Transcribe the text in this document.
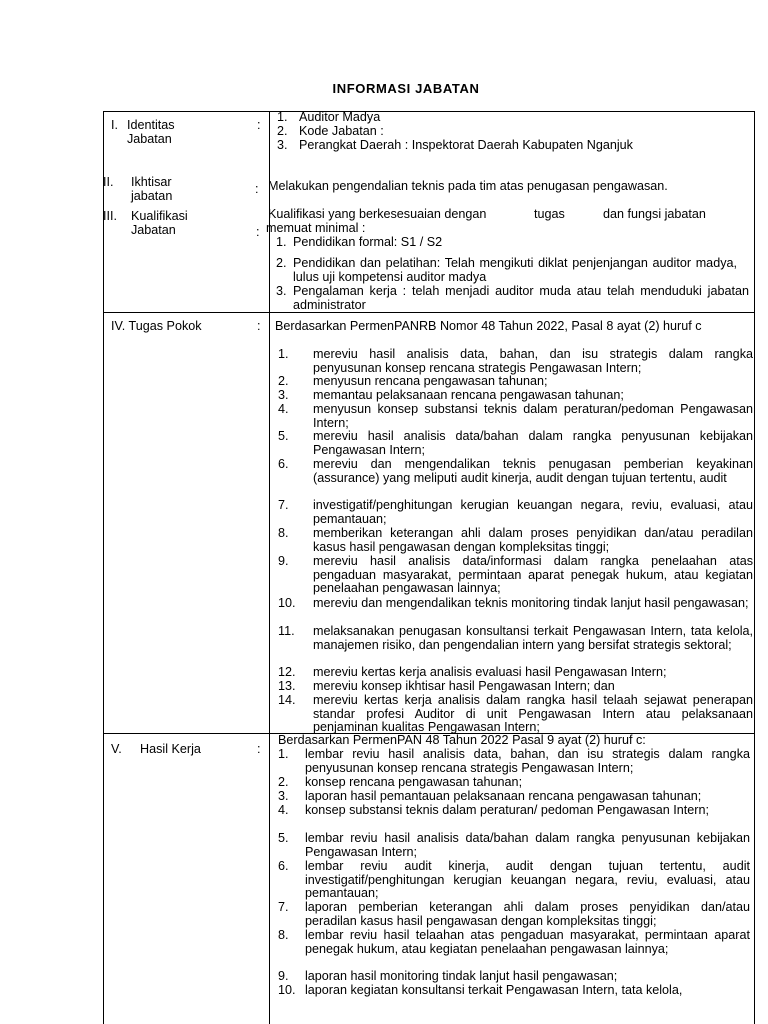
INFORMASI JABATAN
I. Identitas
Jabatan
:
1. Auditor Madya
2. Kode Jabatan :
3. Perangkat Daerah : Inspektorat Daerah Kabupaten Nganjuk
II. Ikhtisar
jabatan	: Melakukan pengendalian teknis pada tim atas penugasan pengawasan.
III. Kualifikasi
Jabatan	:
Kualifikasi yang berkesesuaian dengan	tugas	dan fungsi jabatan
memuat minimal :
1. Pendidikan formal: S1 / S2
2. Pendidikan dan pelatihan: Telah mengikuti diklat penjenjangan auditor madya, lulus uji kompetensi auditor madya
3. Pengalaman kerja : telah menjadi auditor muda atau telah menduduki jabatan administrator
IV. Tugas Pokok	: Berdasarkan PermenPANRB Nomor 48 Tahun 2022, Pasal 8 ayat (2) huruf c
1. mereviu hasil analisis data, bahan, dan isu strategis dalam rangka penyusunan konsep rencana strategis Pengawasan Intern;
2. menyusun rencana pengawasan tahunan;
3. memantau pelaksanaan rencana pengawasan tahunan;
4. menyusun konsep substansi teknis dalam peraturan/pedoman Pengawasan Intern;
5. mereviu hasil analisis data/bahan dalam rangka penyusunan kebijakan Pengawasan Intern;
6. mereviu dan mengendalikan teknis penugasan pemberian keyakinan (assurance) yang meliputi audit kinerja, audit dengan tujuan tertentu, audit
7. investigatif/penghitungan kerugian keuangan negara, reviu, evaluasi, atau pemantauan;
8. memberikan keterangan ahli dalam proses penyidikan dan/atau peradilan kasus hasil pengawasan dengan kompleksitas tinggi;
9. mereviu hasil analisis data/informasi dalam rangka penelaahan atas pengaduan masyarakat, permintaan aparat penegak hukum, atau kegiatan penelaahan pengawasan lainnya;
10. mereviu dan mengendalikan teknis monitoring tindak lanjut hasil pengawasan;
11. melaksanakan penugasan konsultansi terkait Pengawasan Intern, tata kelola, manajemen risiko, dan pengendalian intern yang bersifat strategis sektoral;
12. mereviu kertas kerja analisis evaluasi hasil Pengawasan Intern;
13. mereviu konsep ikhtisar hasil Pengawasan Intern; dan
14. mereviu kertas kerja analisis dalam rangka hasil telaah sejawat penerapan standar profesi Auditor di unit Pengawasan Intern atau pelaksanaan penjaminan kualitas Pengawasan Intern;
V. Hasil Kerja	:
Berdasarkan PermenPAN 48 Tahun 2022 Pasal 9 ayat (2) huruf c:
1. lembar reviu hasil analisis data, bahan, dan isu strategis dalam rangka penyusunan konsep rencana strategis Pengawasan Intern;
2. konsep rencana pengawasan tahunan;
3. laporan hasil pemantauan pelaksanaan rencana pengawasan tahunan;
4. konsep substansi teknis dalam peraturan/ pedoman Pengawasan Intern;
5. lembar reviu hasil analisis data/bahan dalam rangka penyusunan kebijakan Pengawasan Intern;
6. lembar reviu audit kinerja, audit dengan tujuan tertentu, audit investigatif/penghitungan kerugian keuangan negara, reviu, evaluasi, atau pemantauan;
7. laporan pemberian keterangan ahli dalam proses penyidikan dan/atau peradilan kasus hasil pengawasan dengan kompleksitas tinggi;
8. lembar reviu hasil telaahan atas pengaduan masyarakat, permintaan aparat penegak hukum, atau kegiatan penelaahan pengawasan lainnya;
9. laporan hasil monitoring tindak lanjut hasil pengawasan;
10. laporan kegiatan konsultansi terkait Pengawasan Intern, tata kelola,
